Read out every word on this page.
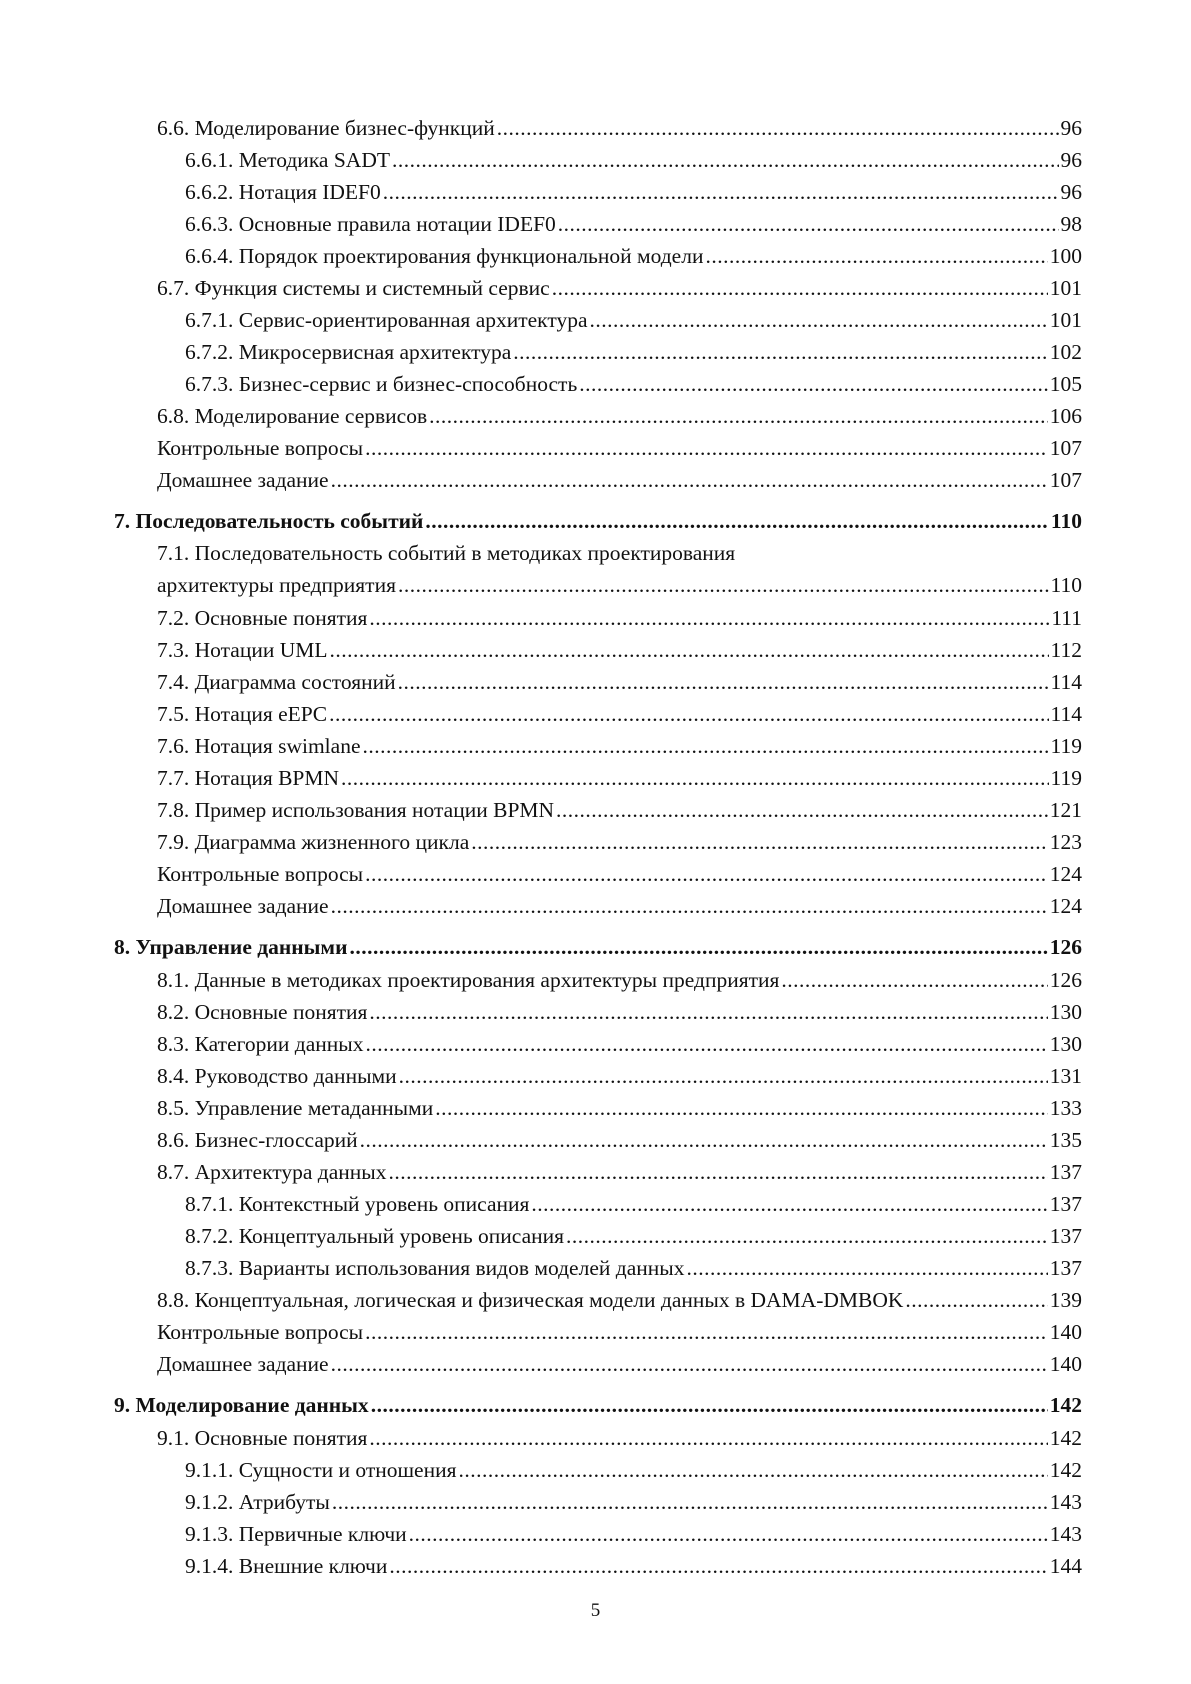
6.6. Моделирование бизнес-функций .....	96
6.6.1. Методика SADT .....	96
6.6.2. Нотация IDEF0 .....	96
6.6.3. Основные правила нотации IDEF0 .....	98
6.6.4. Порядок проектирования функциональной модели .....	100
6.7. Функция системы и системный сервис .....	101
6.7.1. Сервис-ориентированная архитектура .....	101
6.7.2. Микросервисная архитектура .....	102
6.7.3. Бизнес-сервис и бизнес-способность .....	105
6.8. Моделирование сервисов .....	106
Контрольные вопросы .....	107
Домашнее задание .....	107
7. Последовательность событий .....	110
7.1. Последовательность событий в методиках проектирования
архитектуры предприятия .....	110
7.2. Основные понятия .....	111
7.3. Нотации UML .....	112
7.4. Диаграмма состояний .....	114
7.5. Нотация eEPC .....	114
7.6. Нотация swimlane .....	119
7.7. Нотация BPMN .....	119
7.8. Пример использования нотации BPMN .....	121
7.9. Диаграмма жизненного цикла .....	123
Контрольные вопросы .....	124
Домашнее задание .....	124
8. Управление данными .....	126
8.1. Данные в методиках проектирования архитектуры предприятия .....	126
8.2. Основные понятия .....	130
8.3. Категории данных .....	130
8.4. Руководство данными .....	131
8.5. Управление метаданными .....	133
8.6. Бизнес-глоссарий .....	135
8.7. Архитектура данных .....	137
8.7.1. Контекстный уровень описания .....	137
8.7.2. Концептуальный уровень описания .....	137
8.7.3. Варианты использования видов моделей данных .....	137
8.8. Концептуальная, логическая и физическая модели данных в DAMA-DMBOK .....	139
Контрольные вопросы .....	140
Домашнее задание .....	140
9. Моделирование данных .....	142
9.1. Основные понятия .....	142
9.1.1. Сущности и отношения .....	142
9.1.2. Атрибуты .....	143
9.1.3. Первичные ключи .....	143
9.1.4. Внешние ключи .....	144
5
